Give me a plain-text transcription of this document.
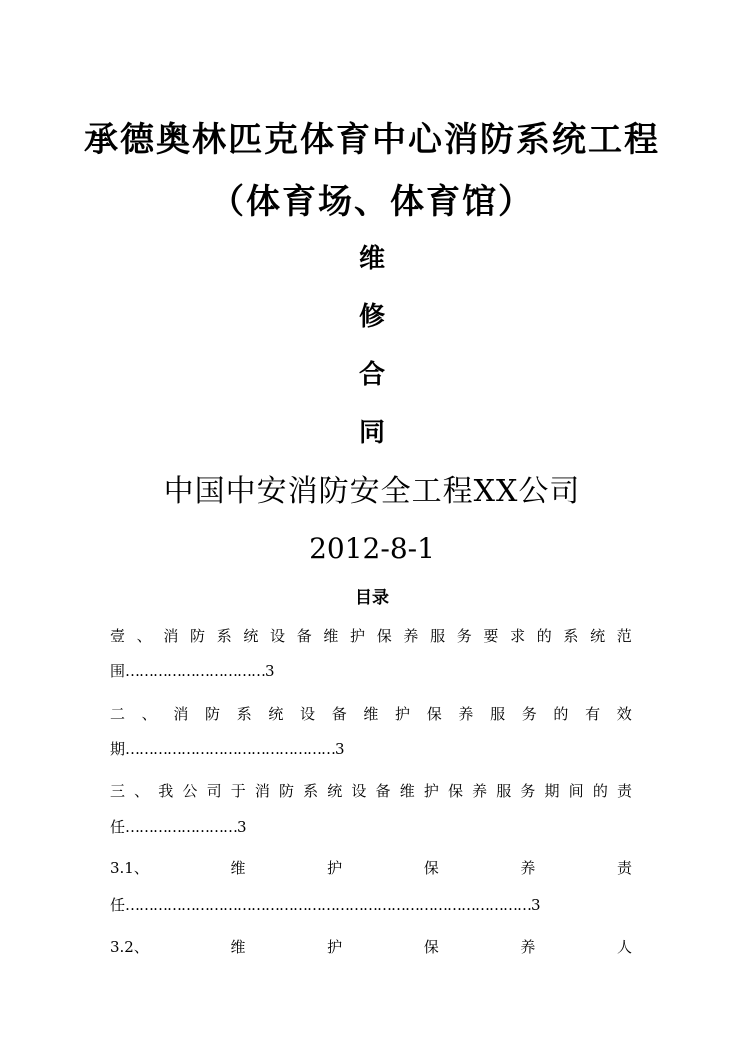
承德奥林匹克体育中心消防系统工程
（体育场、体育馆）
维
修
合
同
中国中安消防安全工程XX公司
2012-8-1
目录
壹 、 消 防 系 统 设 备 维 护 保 养 服 务 要 求 的 系 统 范
围…………………………3
二 、 消 防 系 统 设 备 维 护 保 养 服 务 的 有 效
期………………………………………3
三 、 我 公 司 于 消 防 系 统 设 备 维 护 保 养 服 务 期 间 的 责
任……………………3
3.1、	维	护	保	养	责
任……………………………………………………………………………3
3.2、	维	护	保	养	人
